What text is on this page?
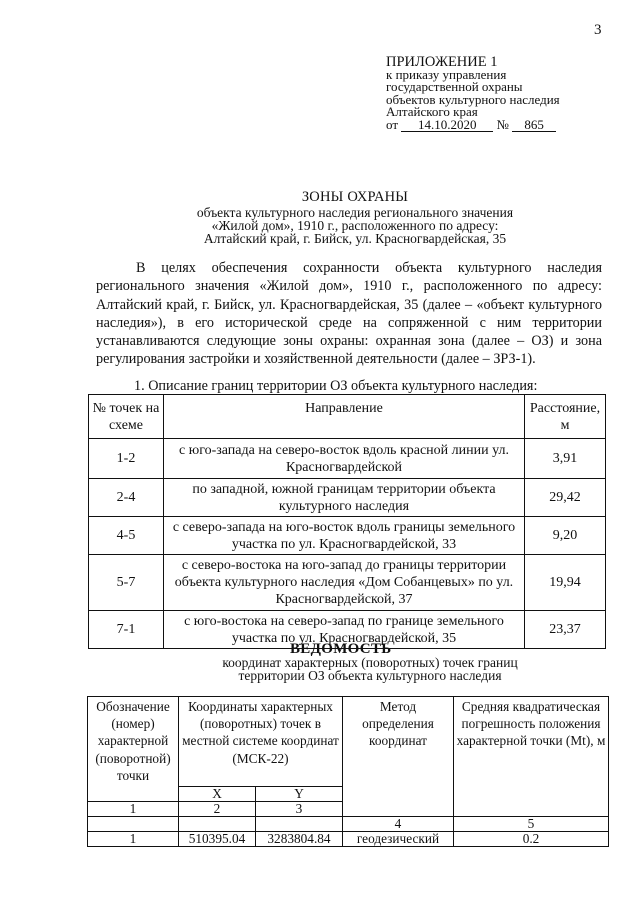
3
ПРИЛОЖЕНИЕ 1
к приказу управления
государственной охраны
объектов культурного наследия
Алтайского края
от 14.10.2020 № 865
ЗОНЫ ОХРАНЫ
объекта культурного наследия регионального значения
«Жилой дом», 1910 г., расположенного по адресу:
Алтайский край, г. Бийск, ул. Красногвардейская, 35
В целях обеспечения сохранности объекта культурного наследия регионального значения «Жилой дом», 1910 г., расположенного по адресу: Алтайский край, г. Бийск, ул. Красногвардейская, 35 (далее – «объект культурного наследия»), в его исторической среде на сопряженной с ним территории устанавливаются следующие зоны охраны: охранная зона (далее – ОЗ) и зона регулирования застройки и хозяйственной деятельности (далее – ЗРЗ-1).
1. Описание границ территории ОЗ объекта культурного наследия:
№ точек на схеме	Направление	Расстояние, м
1-2	с юго-запада на северо-восток вдоль красной линии ул. Красногвардейской	3,91
2-4	по западной, южной границам территории объекта культурного наследия	29,42
4-5	с северо-запада на юго-восток вдоль границы земельного участка по ул. Красногвардейской, 33	9,20
5-7	с северо-востока на юго-запад до границы территории объекта культурного наследия «Дом Собанцевых» по ул. Красногвардейской, 37	19,94
7-1	с юго-востока на северо-запад по границе земельного участка по ул. Красногвардейской, 35	23,37
ВЕДОМОСТЬ
координат характерных (поворотных) точек границ
территории ОЗ объекта культурного наследия
Обозначение (номер) характерной (поворотной) точки	Координаты характерных (поворотных) точек в местной системе координат (МСК-22)		Метод определения координат	Средняя квадратическая погрешность положения характерной точки (Mt), м
	X	Y		
1	2	3		
			4	5
1	510395.04	3283804.84	геодезический	0.2
